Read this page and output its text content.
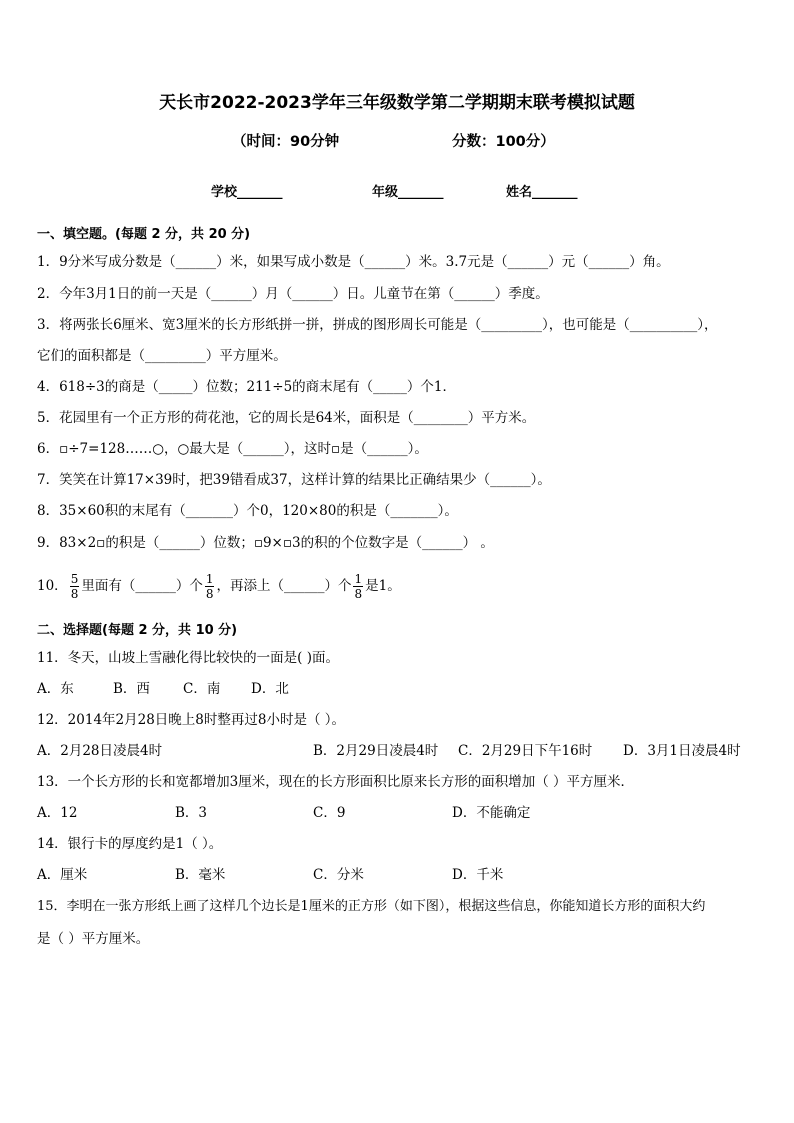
天长市2022-2023学年三年级数学第二学期期末联考模拟试题
（时间：90分钟	分数：100分）
学校_______	年级_______	姓名_______
一、填空题。(每题 2 分，共 20 分)
1．9分米写成分数是（______）米，如果写成小数是（______）米。3.7元是（______）元（______）角。
2．今年3月1日的前一天是（______）月（______）日。儿童节在第（______）季度。
3．将两张长6厘米、宽3厘米的长方形纸拼一拼，拼成的图形周长可能是（_________），也可能是（__________），
它们的面积都是（_________）平方厘米。
4．618÷3的商是（_____）位数；211÷5的商末尾有（_____）个1．
5．花园里有一个正方形的荷花池，它的周长是64米，面积是（________）平方米。
6．▫÷7=128……○，○最大是（______），这时▫是（______）。
7．笑笑在计算17×39时，把39错看成37，这样计算的结果比正确结果少（______）。
8．35×60积的末尾有（_______）个0，120×80的积是（_______）。
9．83×2▫的积是（______）位数；▫9×▫3的积的个位数字是（______） 。
10． $\frac{5}{8}$ 里面有（______）个 $\frac{1}{8}$ ，再添上（______）个 $\frac{1}{8}$ 是1。
二、选择题(每题 2 分，共 10 分)
11．冬天，山坡上雪融化得比较快的一面是( )面。
A．东	B．西 C．南 D．北
12．2014年2月28日晚上8时整再过8小时是（ ）。
A．2月28日凌晨4时	B．2月29日凌晨4时 C．2月29日下午16时 D．3月1日凌晨4时
13．一个长方形的长和宽都增加3厘米，现在的长方形面积比原来长方形的面积增加（ ）平方厘米．
A．12	B．3	C．9	D．不能确定
14．银行卡的厚度约是1（ ）。
A．厘米	B．毫米	C．分米	D．千米
15．李明在一张方形纸上画了这样几个边长是1厘米的正方形（如下图），根据这些信息，你能知道长方形的面积大约
是（ ）平方厘米。
